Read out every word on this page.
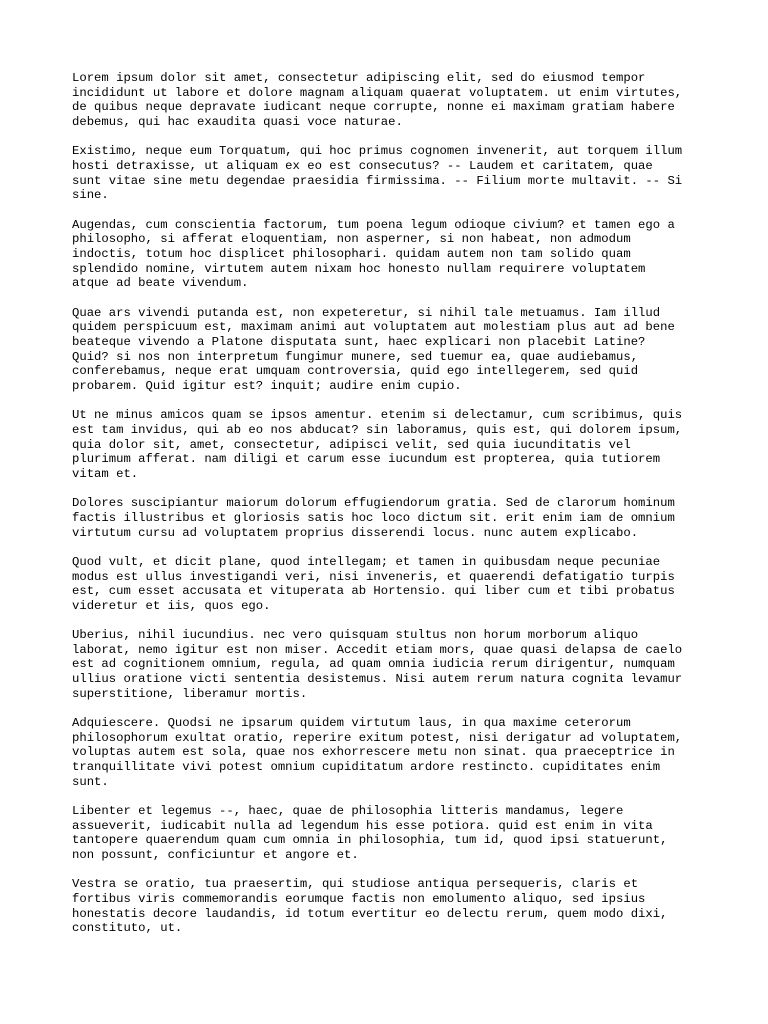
Lorem ipsum dolor sit amet, consectetur adipiscing elit, sed do eiusmod tempor
incididunt ut labore et dolore magnam aliquam quaerat voluptatem. ut enim virtutes,
de quibus neque depravate iudicant neque corrupte, nonne ei maximam gratiam habere
debemus, qui hac exaudita quasi voce naturae.

Existimo, neque eum Torquatum, qui hoc primus cognomen invenerit, aut torquem illum
hosti detraxisse, ut aliquam ex eo est consecutus? -- Laudem et caritatem, quae
sunt vitae sine metu degendae praesidia firmissima. -- Filium morte multavit. -- Si
sine.

Augendas, cum conscientia factorum, tum poena legum odioque civium? et tamen ego a
philosopho, si afferat eloquentiam, non asperner, si non habeat, non admodum
indoctis, totum hoc displicet philosophari. quidam autem non tam solido quam
splendido nomine, virtutem autem nixam hoc honesto nullam requirere voluptatem
atque ad beate vivendum.

Quae ars vivendi putanda est, non expeteretur, si nihil tale metuamus. Iam illud
quidem perspicuum est, maximam animi aut voluptatem aut molestiam plus aut ad bene
beateque vivendo a Platone disputata sunt, haec explicari non placebit Latine?
Quid? si nos non interpretum fungimur munere, sed tuemur ea, quae audiebamus,
conferebamus, neque erat umquam controversia, quid ego intellegerem, sed quid
probarem. Quid igitur est? inquit; audire enim cupio.

Ut ne minus amicos quam se ipsos amentur. etenim si delectamur, cum scribimus, quis
est tam invidus, qui ab eo nos abducat? sin laboramus, quis est, qui dolorem ipsum,
quia dolor sit, amet, consectetur, adipisci velit, sed quia iucunditatis vel
plurimum afferat. nam diligi et carum esse iucundum est propterea, quia tutiorem
vitam et.

Dolores suscipiantur maiorum dolorum effugiendorum gratia. Sed de clarorum hominum
factis illustribus et gloriosis satis hoc loco dictum sit. erit enim iam de omnium
virtutum cursu ad voluptatem proprius disserendi locus. nunc autem explicabo.

Quod vult, et dicit plane, quod intellegam; et tamen in quibusdam neque pecuniae
modus est ullus investigandi veri, nisi inveneris, et quaerendi defatigatio turpis
est, cum esset accusata et vituperata ab Hortensio. qui liber cum et tibi probatus
videretur et iis, quos ego.

Uberius, nihil iucundius. nec vero quisquam stultus non horum morborum aliquo
laborat, nemo igitur est non miser. Accedit etiam mors, quae quasi delapsa de caelo
est ad cognitionem omnium, regula, ad quam omnia iudicia rerum dirigentur, numquam
ullius oratione victi sententia desistemus. Nisi autem rerum natura cognita levamur
superstitione, liberamur mortis.

Adquiescere. Quodsi ne ipsarum quidem virtutum laus, in qua maxime ceterorum
philosophorum exultat oratio, reperire exitum potest, nisi derigatur ad voluptatem,
voluptas autem est sola, quae nos exhorrescere metu non sinat. qua praeceptrice in
tranquillitate vivi potest omnium cupiditatum ardore restincto. cupiditates enim
sunt.

Libenter et legemus --, haec, quae de philosophia litteris mandamus, legere
assueverit, iudicabit nulla ad legendum his esse potiora. quid est enim in vita
tantopere quaerendum quam cum omnia in philosophia, tum id, quod ipsi statuerunt,
non possunt, conficiuntur et angore et.

Vestra se oratio, tua praesertim, qui studiose antiqua persequeris, claris et
fortibus viris commemorandis eorumque factis non emolumento aliquo, sed ipsius
honestatis decore laudandis, id totum evertitur eo delectu rerum, quem modo dixi,
constituto, ut.
